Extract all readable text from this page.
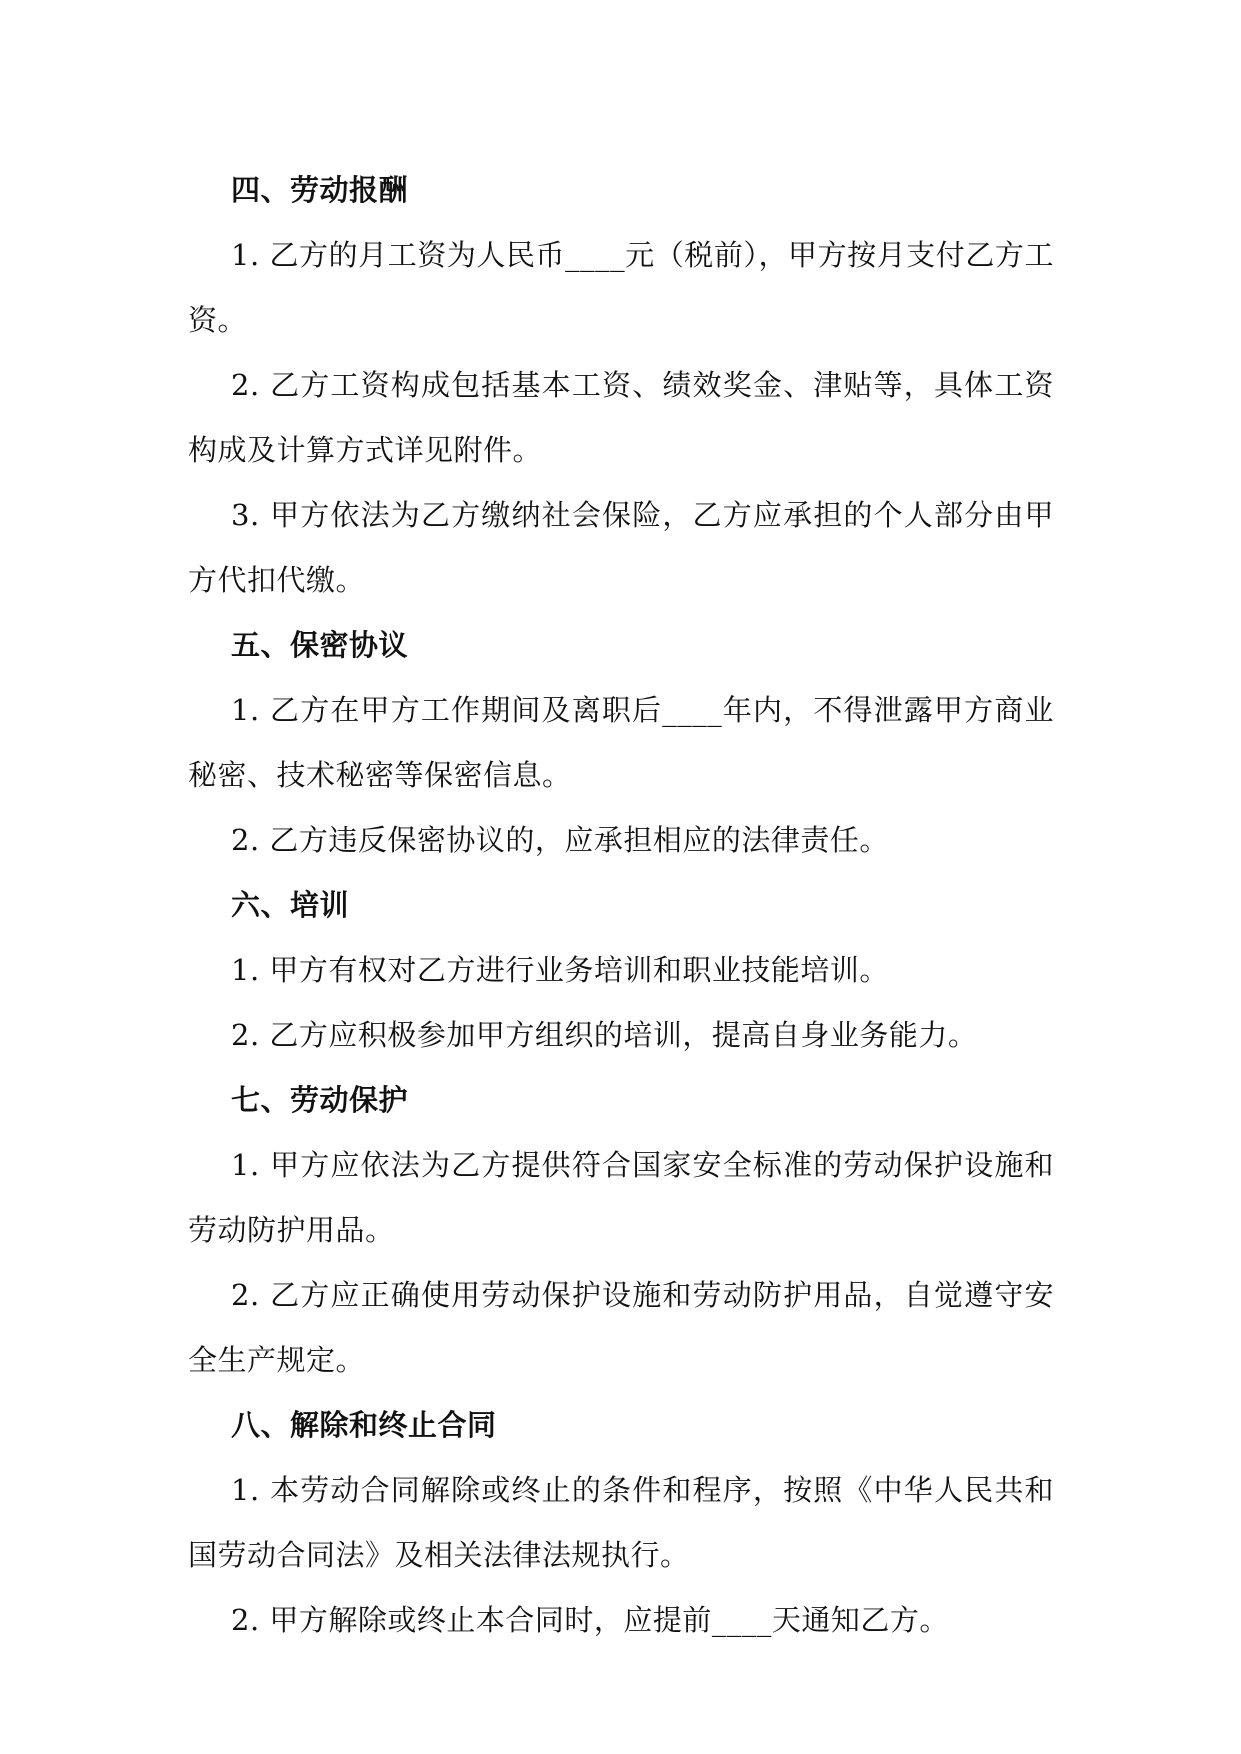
四、劳动报酬

1. 乙方的月工资为人民币____元（税前），甲方按月支付乙方工资。

2. 乙方工资构成包括基本工资、绩效奖金、津贴等，具体工资构成及计算方式详见附件。

3. 甲方依法为乙方缴纳社会保险，乙方应承担的个人部分由甲方代扣代缴。

五、保密协议

1. 乙方在甲方工作期间及离职后____年内，不得泄露甲方商业秘密、技术秘密等保密信息。

2. 乙方违反保密协议的，应承担相应的法律责任。

六、培训

1. 甲方有权对乙方进行业务培训和职业技能培训。

2. 乙方应积极参加甲方组织的培训，提高自身业务能力。

七、劳动保护

1. 甲方应依法为乙方提供符合国家安全标准的劳动保护设施和劳动防护用品。

2. 乙方应正确使用劳动保护设施和劳动防护用品，自觉遵守安全生产规定。

八、解除和终止合同

1. 本劳动合同解除或终止的条件和程序，按照《中华人民共和国劳动合同法》及相关法律法规执行。

2. 甲方解除或终止本合同时，应提前____天通知乙方。
